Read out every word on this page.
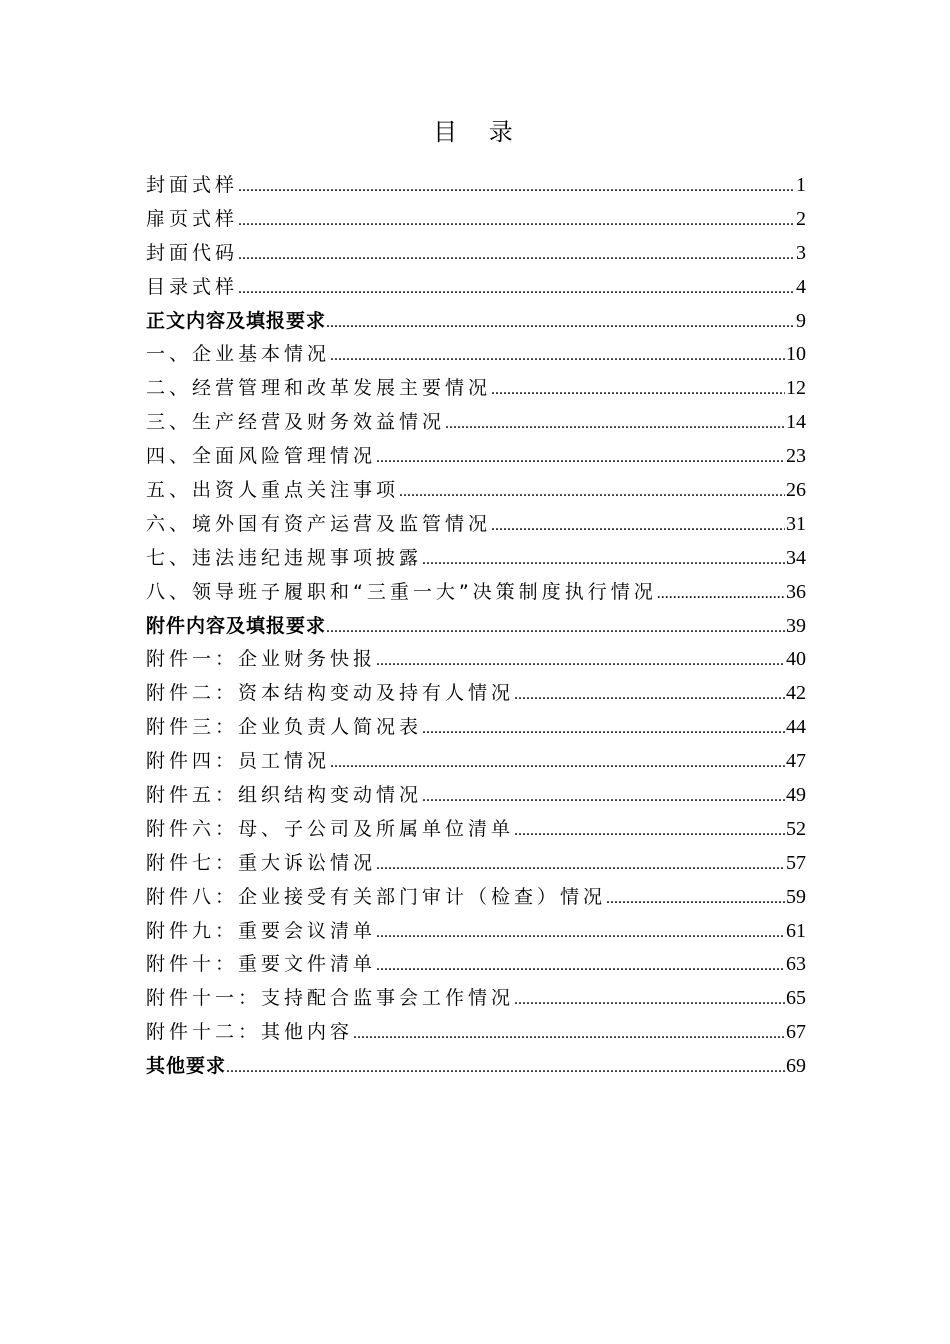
目 录
封面式样 .....	1
扉页式样 .....	2
封面代码 .....	3
目录式样 .....	4
正文内容及填报要求 .....	9
一、企业基本情况 .....	10
二、经营管理和改革发展主要情况 .....	12
三、生产经营及财务效益情况 .....	14
四、全面风险管理情况 .....	23
五、出资人重点关注事项 .....	26
六、境外国有资产运营及监管情况 .....	31
七、违法违纪违规事项披露 .....	34
八、领导班子履职和“三重一大”决策制度执行情况 .....	36
附件内容及填报要求 .....	39
附件一：企业财务快报 .....	40
附件二：资本结构变动及持有人情况 .....	42
附件三：企业负责人简况表 .....	44
附件四：员工情况 .....	47
附件五：组织结构变动情况 .....	49
附件六：母、子公司及所属单位清单 .....	52
附件七：重大诉讼情况 .....	57
附件八：企业接受有关部门审计（检查）情况 .....	59
附件九：重要会议清单 .....	61
附件十：重要文件清单 .....	63
附件十一：支持配合监事会工作情况 .....	65
附件十二：其他内容 .....	67
其他要求 .....	69
